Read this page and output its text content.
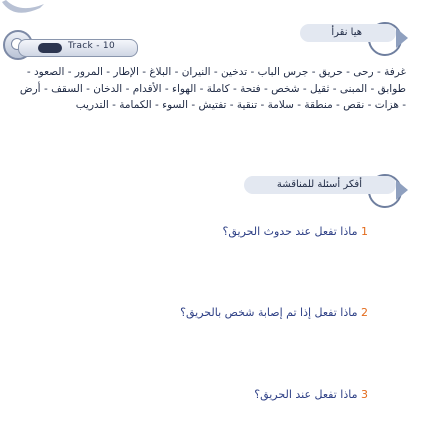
Track - 10
هيا نقرأ
غرفة - رحى - حريق - جرس الباب - تدخين - النيران - البلاغ - الإطار - المرور - الصعود - طوابق - المبنى - ثقيل - شخص - فتحة - كاملة - الهواء - الأقدام - الدخان - السقف - أرض - هزات - نقص - منطقة - سلامة - تنقية - تفتيش - السوء - الكمامة - التدريب
أفكر أسئلة للمناقشة
1 ماذا تفعل عند حدوث الحريق؟
2 ماذا تفعل إذا تم إصابة شخص بالحريق؟
3 ماذا تفعل عند الحريق؟
